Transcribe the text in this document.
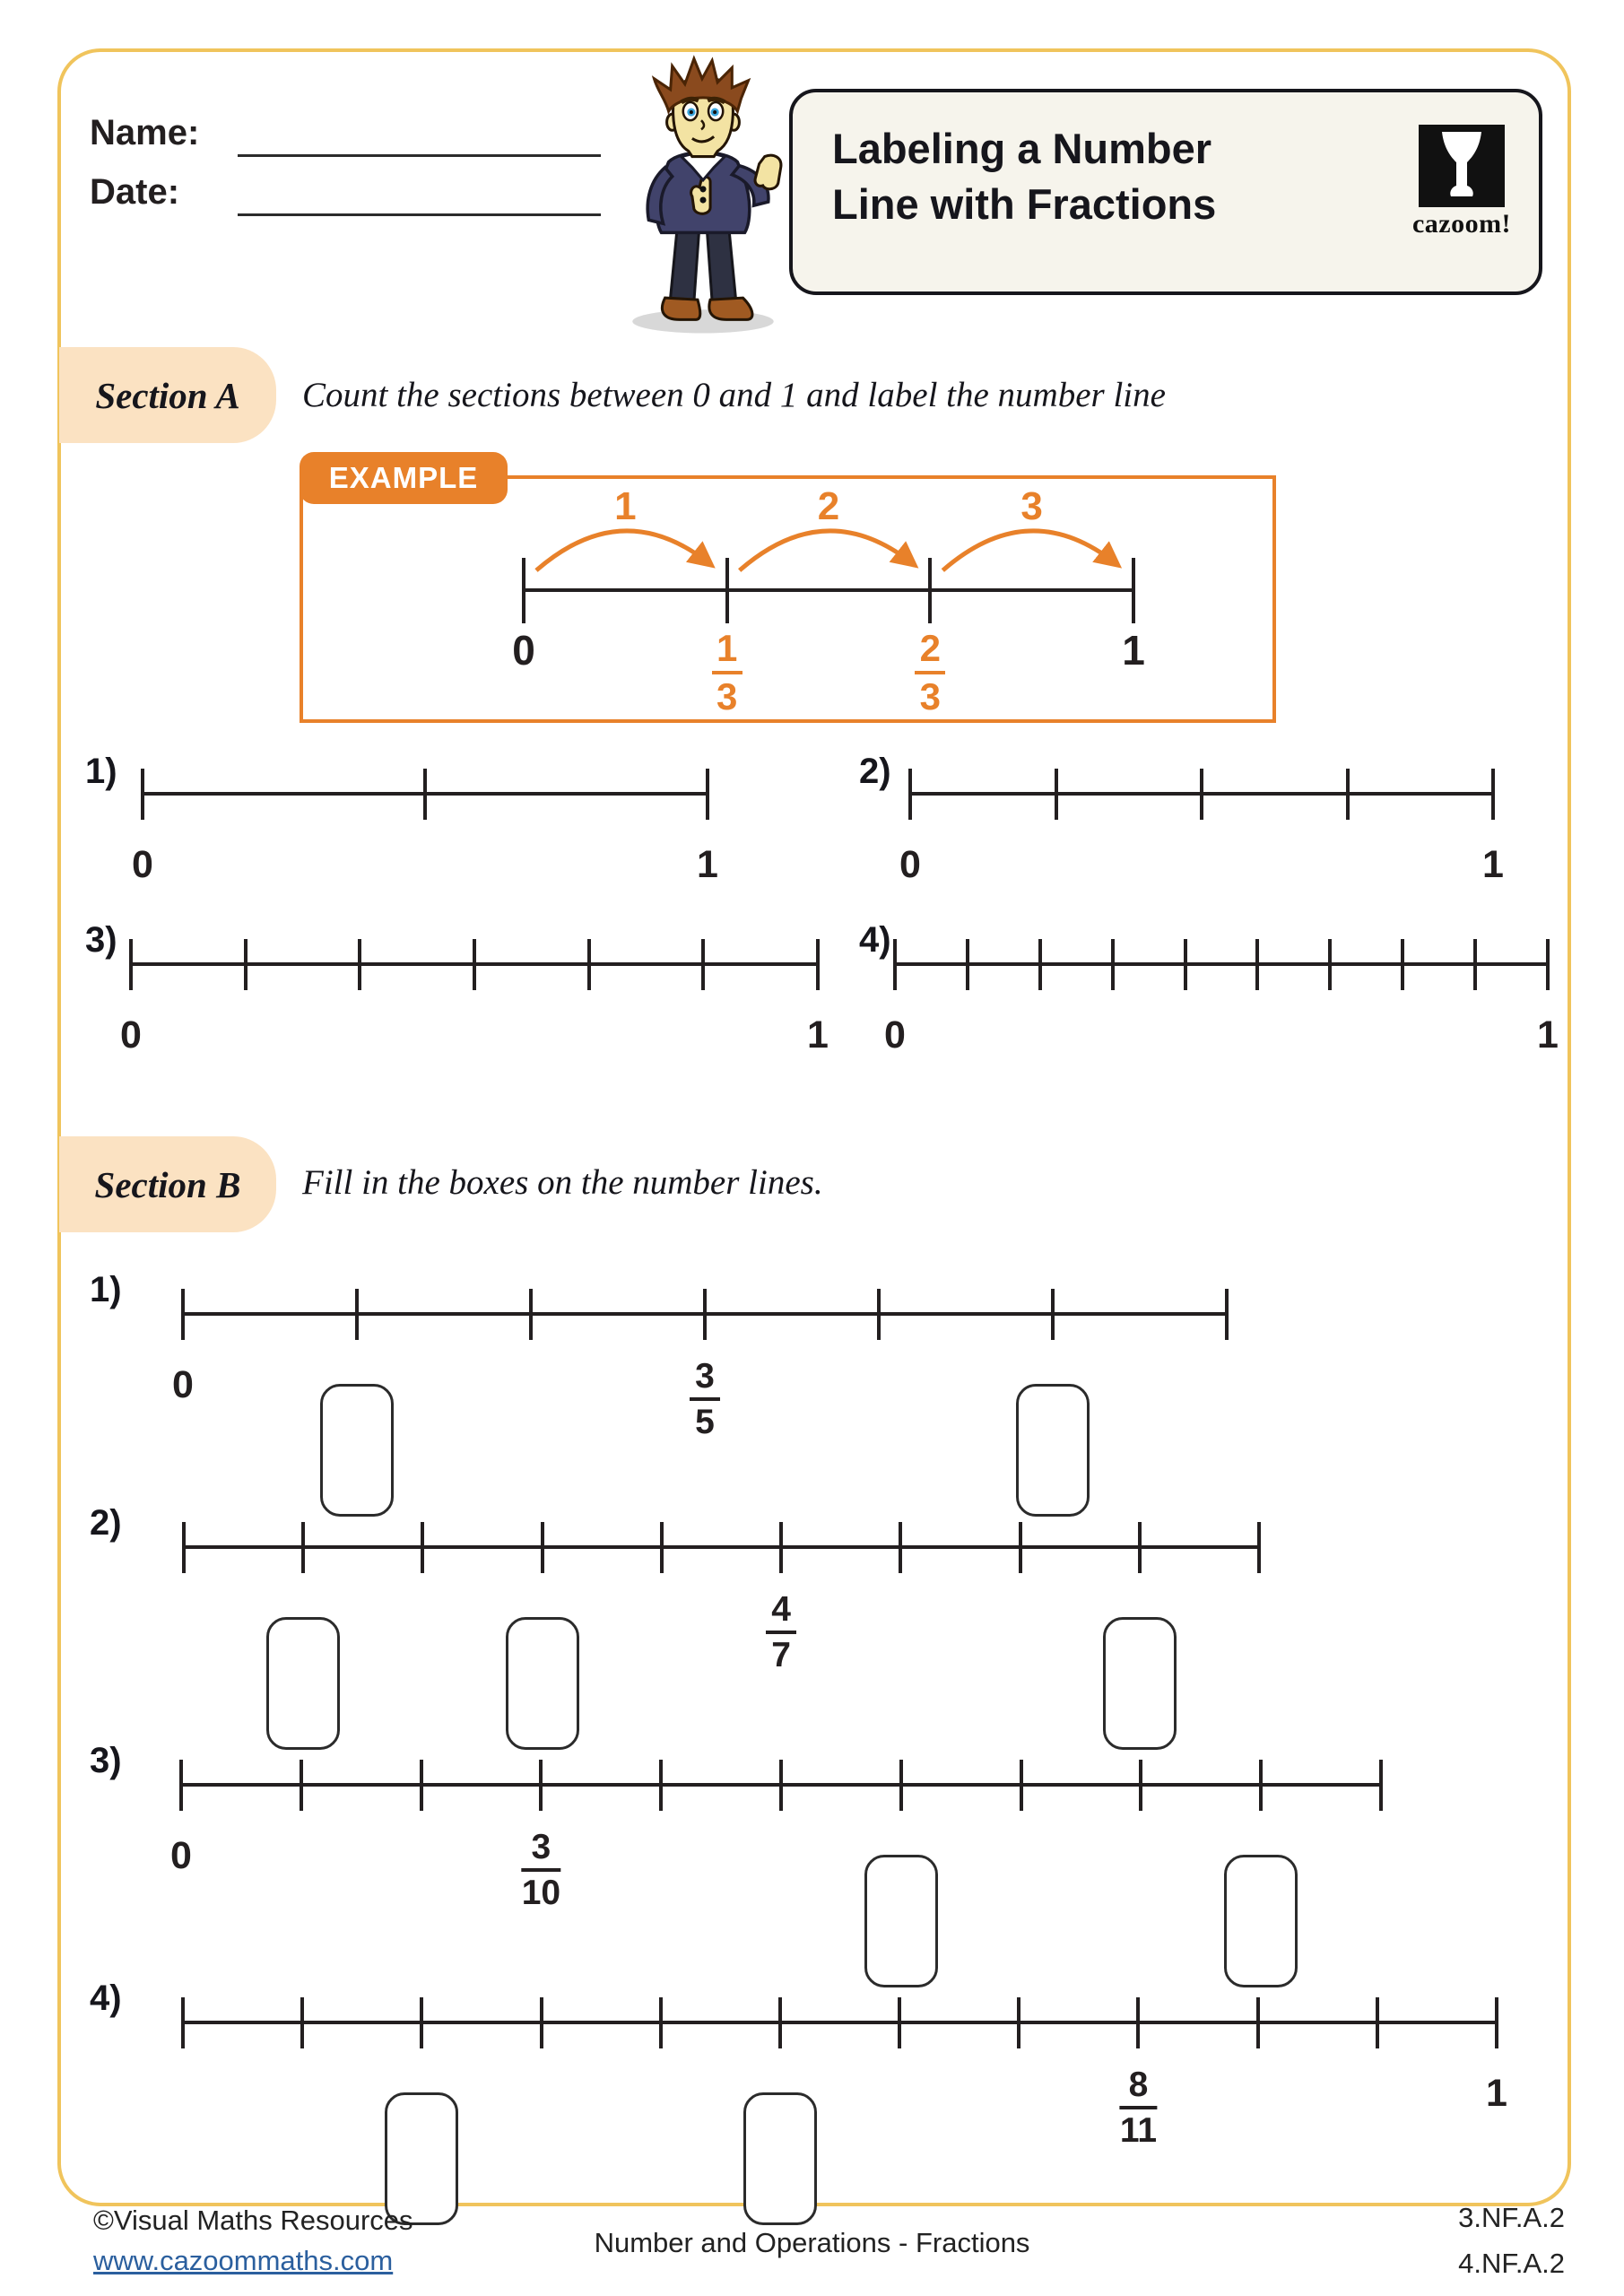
Name:
Date:
Labeling a Number
Line with Fractions	cazoom!
Section A Count the sections between 0 and 1 and label the number line
EXAMPLE
1	2	3
0	1
3
2
3
1
1)	2)
3)	4)
0	1	0	1
0	1 0	1
Section B Fill in the boxes on the number lines.
1)
2)
3)
4)
0	3
5
4
7
0	3
10
8
11
1
©Visual Maths Resources
www.cazoommaths.com
Number and Operations - Fractions
3.NF.A.2
4.NF.A.2
